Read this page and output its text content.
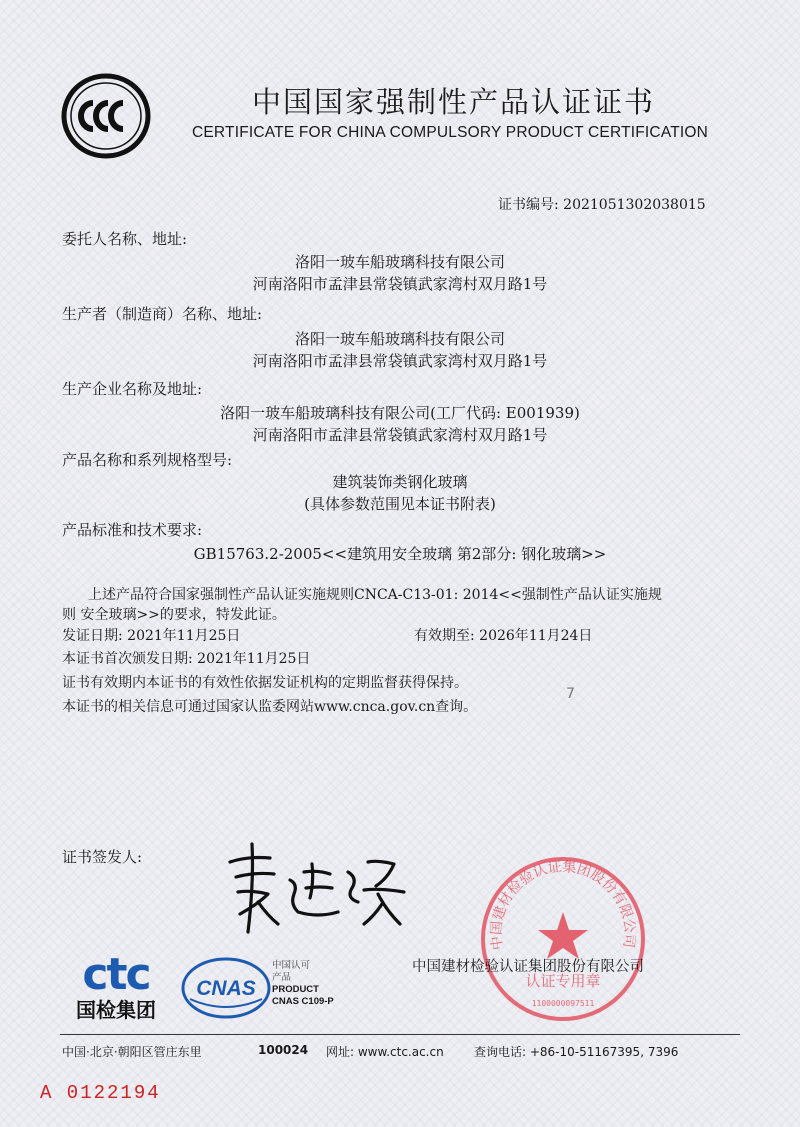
中国国家强制性产品认证证书
CERTIFICATE FOR CHINA COMPULSORY PRODUCT CERTIFICATION
证书编号: 2021051302038015
委托人名称、地址:
洛阳一玻车船玻璃科技有限公司
河南洛阳市孟津县常袋镇武家湾村双月路1号
生产者（制造商）名称、地址:
洛阳一玻车船玻璃科技有限公司
河南洛阳市孟津县常袋镇武家湾村双月路1号
生产企业名称及地址:
洛阳一玻车船玻璃科技有限公司(工厂代码: E001939)
河南洛阳市孟津县常袋镇武家湾村双月路1号
产品名称和系列规格型号:
建筑装饰类钢化玻璃
(具体参数范围见本证书附表)
产品标准和技术要求:
GB15763.2-2005<<建筑用安全玻璃 第2部分: 钢化玻璃>>
上述产品符合国家强制性产品认证实施规则CNCA-C13-01: 2014<<强制性产品认证实施规
则 安全玻璃>>的要求，特发此证。
发证日期: 2021年11月25日	有效期至: 2026年11月24日
本证书首次颁发日期: 2021年11月25日
证书有效期内本证书的有效性依据发证机构的定期监督获得保持。
本证书的相关信息可通过国家认监委网站www.cnca.gov.cn查询。
7
证书签发人:
中国建材检验认证集团股份有限公司
认证专用章
1100000097511
中国建材检验认证集团股份有限公司
ctc
国检集团
CNAS
中国认可
产品
PRODUCT
CNAS C109-P
中国·北京·朝阳区管庄东里	100024 网址: www.ctc.ac.cn	查询电话: +86-10-51167395, 7396
A 0122194
